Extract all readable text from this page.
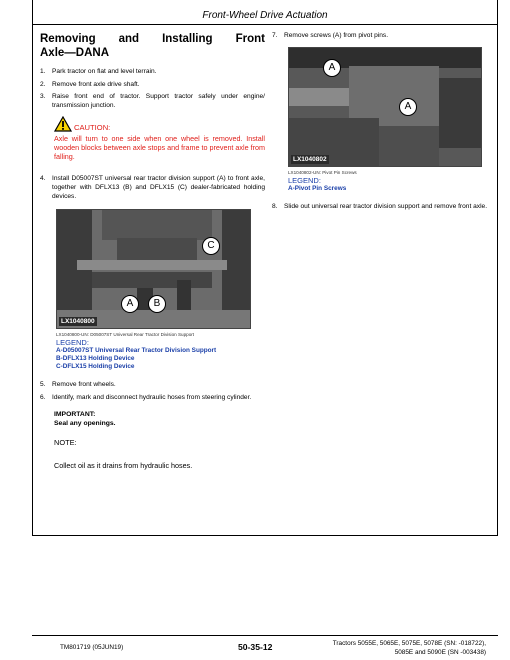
Front-Wheel Drive Actuation
Removing and Installing Front
Axle—DANA
1. Park tractor on flat and level terrain.
2. Remove front axle drive shaft.
3. Raise front end of tractor. Support tractor safely under engine/ transmission junction.
CAUTION:
Axle will turn to one side when one wheel is removed. Install wooden blocks between axle stops and frame to prevent axle from falling.
4. Install D05007ST universal rear tractor division support (A) to front axle, together with DFLX13 (B) and DFLX15 (C) dealer-fabricated holding devices.
C
A	B
LX1040800
LX1040800-UN: D05007ST Universal Rear Tractor Division Support
LEGEND:
A-D05007ST Universal Rear Tractor Division Support
B-DFLX13 Holding Device
C-DFLX15 Holding Device
5. Remove front wheels.
6. Identify, mark and disconnect hydraulic hoses from steering cylinder.
IMPORTANT:
Seal any openings.
NOTE:
Collect oil as it drains from hydraulic hoses.
7. Remove screws (A) from pivot pins.
A
A
LX1040802
LX1040802-UN: Pivot Pin Screws
LEGEND:
A-Pivot Pin Screws
8. Slide out universal rear tractor division support and remove front axle.
TM801719 (05JUN19)	50-35-12	Tractors 5055E, 5065E, 5075E, 5078E (SN: -018722),
5085E and 5090E (SN -003438)
